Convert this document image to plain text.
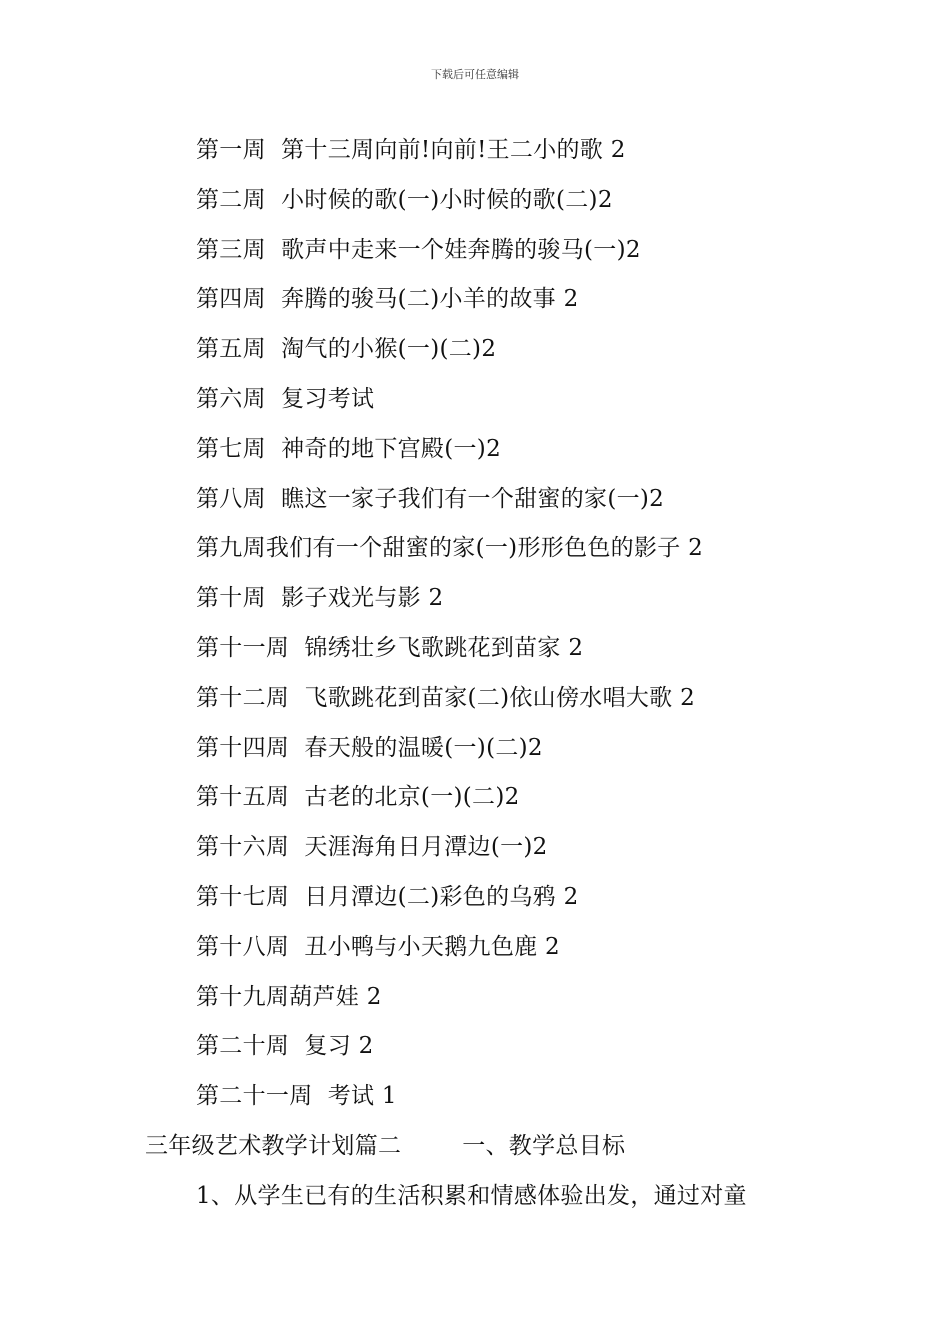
下载后可任意编辑
第一周  第十三周向前!向前!王二小的歌 2
第二周  小时候的歌(一)小时候的歌(二)2
第三周  歌声中走来一个娃奔腾的骏马(一)2
第四周  奔腾的骏马(二)小羊的故事 2
第五周  淘气的小猴(一)(二)2
第六周  复习考试
第七周  神奇的地下宫殿(一)2
第八周  瞧这一家子我们有一个甜蜜的家(一)2
第九周我们有一个甜蜜的家(一)形形色色的影子 2
第十周  影子戏光与影 2
第十一周  锦绣壮乡飞歌跳花到苗家 2
第十二周  飞歌跳花到苗家(二)依山傍水唱大歌 2
第十四周  春天般的温暖(一)(二)2
第十五周  古老的北京(一)(二)2
第十六周  天涯海角日月潭边(一)2
第十七周  日月潭边(二)彩色的乌鸦 2
第十八周  丑小鸭与小天鹅九色鹿 2
第十九周葫芦娃 2
第二十周  复习 2
第二十一周  考试 1
三年级艺术教学计划篇二        一、教学总目标
1、从学生已有的生活积累和情感体验出发，通过对童
